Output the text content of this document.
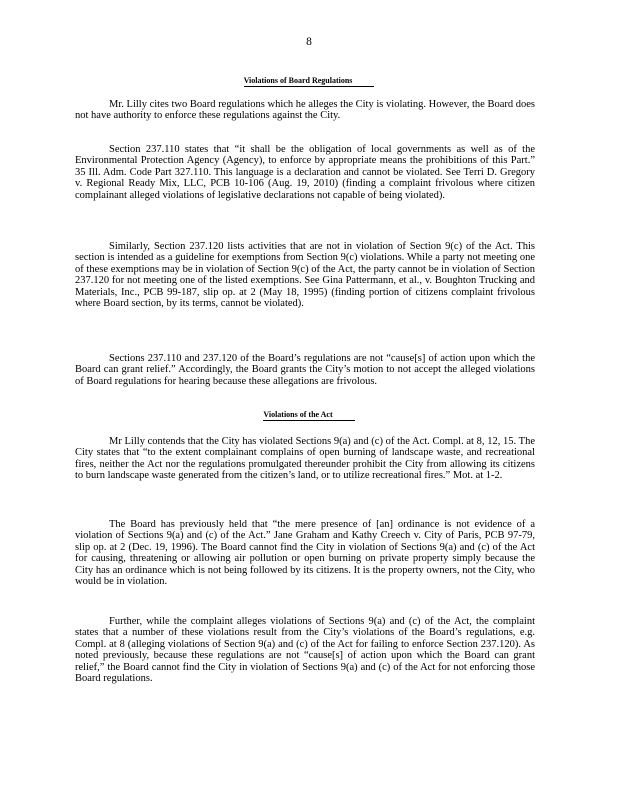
8
Violations of Board Regulations
Mr. Lilly cites two Board regulations which he alleges the City is violating. However, the Board does not have authority to enforce these regulations against the City.
Section 237.110 states that “it shall be the obligation of local governments as well as of the Environmental Protection Agency (Agency), to enforce by appropriate means the prohibitions of this Part.” 35 Ill. Adm. Code Part 327.110. This language is a declaration and cannot be violated. See Terri D. Gregory v. Regional Ready Mix, LLC, PCB 10-106 (Aug. 19, 2010) (finding a complaint frivolous where citizen complainant alleged violations of legislative declarations not capable of being violated).
Similarly, Section 237.120 lists activities that are not in violation of Section 9(c) of the Act. This section is intended as a guideline for exemptions from Section 9(c) violations. While a party not meeting one of these exemptions may be in violation of Section 9(c) of the Act, the party cannot be in violation of Section 237.120 for not meeting one of the listed exemptions. See Gina Pattermann, et al., v. Boughton Trucking and Materials, Inc., PCB 99-187, slip op. at 2 (May 18, 1995) (finding portion of citizens complaint frivolous where Board section, by its terms, cannot be violated).
Sections 237.110 and 237.120 of the Board’s regulations are not “cause[s] of action upon which the Board can grant relief.” Accordingly, the Board grants the City’s motion to not accept the alleged violations of Board regulations for hearing because these allegations are frivolous.
Violations of the Act
Mr Lilly contends that the City has violated Sections 9(a) and (c) of the Act. Compl. at 8, 12, 15. The City states that “to the extent complainant complains of open burning of landscape waste, and recreational fires, neither the Act nor the regulations promulgated thereunder prohibit the City from allowing its citizens to burn landscape waste generated from the citizen’s land, or to utilize recreational fires.” Mot. at 1-2.
The Board has previously held that “the mere presence of [an] ordinance is not evidence of a violation of Sections 9(a) and (c) of the Act.” Jane Graham and Kathy Creech v. City of Paris, PCB 97-79, slip op. at 2 (Dec. 19, 1996). The Board cannot find the City in violation of Sections 9(a) and (c) of the Act for causing, threatening or allowing air pollution or open burning on private property simply because the City has an ordinance which is not being followed by its citizens. It is the property owners, not the City, who would be in violation.
Further, while the complaint alleges violations of Sections 9(a) and (c) of the Act, the complaint states that a number of these violations result from the City’s violations of the Board’s regulations, e.g. Compl. at 8 (alleging violations of Section 9(a) and (c) of the Act for failing to enforce Section 237.120). As noted previously, because these regulations are not “cause[s] of action upon which the Board can grant relief,” the Board cannot find the City in violation of Sections 9(a) and (c) of the Act for not enforcing those Board regulations.
